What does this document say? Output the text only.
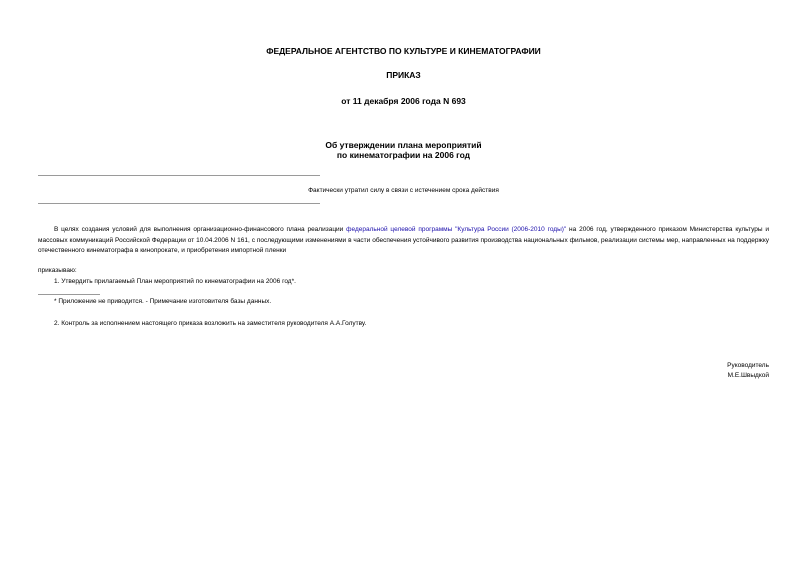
ФЕДЕРАЛЬНОЕ АГЕНТСТВО ПО КУЛЬТУРЕ И КИНЕМАТОГРАФИИ
ПРИКАЗ
от 11 декабря 2006 года N 693
Об утверждении плана мероприятий
по кинематографии на 2006 год
Фактически утратил силу в связи с истечением срока действия

В целях создания условий для выполнения организационно-финансового плана реализации федеральной целевой программы "Культура России (2006-2010 годы)" на 2006 год, утвержденного приказом Министерства культуры и массовых коммуникаций Российской Федерации от 10.04.2006 N 161, с последующими изменениями в части обеспечения устойчивого развития производства национальных фильмов, реализации системы мер, направленных на поддержку отечественного кинематографа в кинопрокате, и приобретения импортной пленки

приказываю:
1. Утвердить прилагаемый План мероприятий по кинематографии на 2006 год*.
* Приложение не приводится. - Примечание изготовителя базы данных.
2. Контроль за исполнением настоящего приказа возложить на заместителя руководителя А.А.Голутву.
Руководитель
М.Е.Швыдкой
